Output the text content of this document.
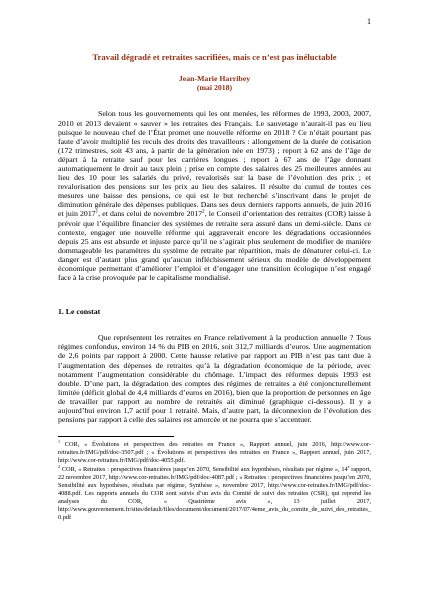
1
Travail dégradé et retraites sacrifiées, mais ce n’est pas inéluctable

Jean-Marie Harribey

(mai 2018)

Selon tous les gouvernements qui les ont menées, les réformes de 1993, 2003, 2007, 2010 et 2013 devaient « sauver » les retraites des Français. Le sauvetage n’aurait-il pas eu lieu puisque le nouveau chef de l’État promet une nouvelle réforme en 2018 ? Ce n’était pourtant pas faute d’avoir multiplié les reculs des droits des travailleurs : allongement de la durée de cotisation (172 trimestres, soit 43 ans, à partir de la génération née en 1973) ; report à 62 ans de l’âge de départ à la retraite sauf pour les carrières longues ; report à 67 ans de l’âge donnant automatiquement le droit au taux plein ; prise en compte des salaires des 25 meilleures années au lieu des 10 pour les salariés du privé, revalorisés sur la base de l’évolution des prix ; et revalorisation des pensions sur les prix au lieu des salaires. Il résulte du cumul de toutes ces mesures une baisse des pensions, ce qui est le but recherché s’inscrivant dans le projet de diminution générale des dépenses publiques. Dans ses deux derniers rapports annuels, de juin 2016 et juin 2017$^1$, et dans celui de novembre 2017$^2$, le Conseil d’orientation des retraites (COR) laisse à prévoir que l’équilibre financier des systèmes de retraite sera assuré dans un demi-siècle. Dans ce contexte, engager une nouvelle réforme qui aggraverait encore les dégradations occasionnées depuis 25 ans est absurde et injuste parce qu’il ne s’agirait plus seulement de modifier de manière dommageable les paramètres du système de retraite par répartition, mais de dénaturer celui-ci. Le danger est d’autant plus grand qu’aucun infléchissement sérieux du modèle de développement économique permettant d’améliorer l’emploi et d’engager une transition écologique n’est engagé face à la crise provoquée par le capitalisme mondialisé.

1. Le constat

Que représentent les retraites en France relativement à la production annuelle ? Tous régimes confondus, environ 14 % du PIB en 2016, soit 312,7 milliards d’euros. Une augmentation de 2,6 points par rapport à 2000. Cette hausse relative par rapport au PIB n’est pas tant due à l’augmentation des dépenses de retraites qu’à la dégradation économique de la période, avec notamment l’augmentation considérable du chômage. L’impact des réformes depuis 1993 est double. D’une part, la dégradation des comptes des régimes de retraites a été conjoncturellement limitée (déficit global de 4,4 milliards d’euros en 2016), bien que la proportion de personnes en âge de travailler par rapport au nombre de retraités ait diminué (graphique ci-dessous). Il y a aujourd’hui environ 1,7 actif pour 1 retraité. Mais, d’autre part, la déconnexion de l’évolution des pensions par rapport à celle des salaires est amorcée et ne pourra que s’accentuer.

$^1$ COR, « Évolutions et perspectives des retraites en France », Rapport annuel, juin 2016, http://www.cor-retraites.fr/IMG/pdf/doc-3507.pdf ; « Évolutions et perspectives des retraites en France », Rapport annuel, juin 2017, http://www.cor-retraites.fr/IMG/pdf/doc-4055.pdf.

$^2$ COR, « Retraites : perspectives financières jusqu’en 2070, Sensibilité aux hypothèses, résultats par régime », 14e rapport, 22 novembre 2017, http://www.cor-retraites.fr/IMG/pdf/doc-4087.pdf ; « Retraites : perspectives financières jusqu’en 2070, Sensibilité aux hypothèses, résultats par régime, Synthèse », novembre 2017, http://www.cor-retraites.fr/IMG/pdf/doc-4088.pdf. Les rapports annuels du COR sont suivis d’un avis du Comité de suivi des retraites (CSR), qui reprend les analyses du COR, « Quatrième avis », 13 juillet 2017, http://www.gouvernement.fr/sites/default/files/document/document/2017/07/4eme_avis_du_comite_de_suivi_des_retraites_0.pdf
